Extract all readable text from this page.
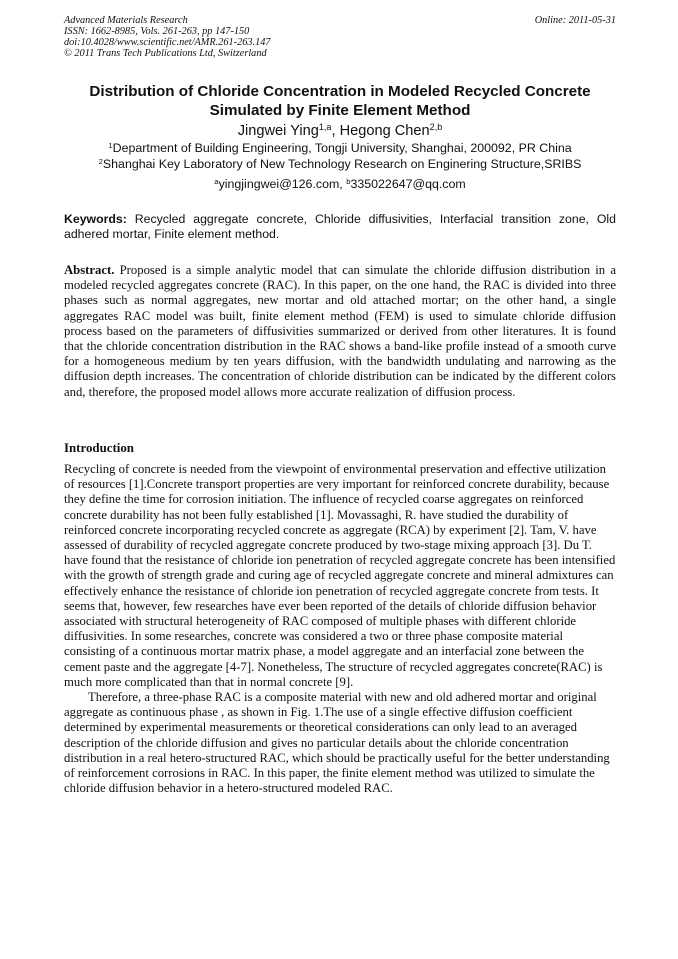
Advanced Materials Research
ISSN: 1662-8985, Vols. 261-263, pp 147-150
doi:10.4028/www.scientific.net/AMR.261-263.147
© 2011 Trans Tech Publications Ltd, Switzerland
Online: 2011-05-31
Distribution of Chloride Concentration in Modeled Recycled Concrete Simulated by Finite Element Method
Jingwei Ying$^{1,a}$, Hegong Chen$^{2,b}$
$^1$Department of Building Engineering, Tongji University, Shanghai, 200092, PR China
$^2$Shanghai Key Laboratory of New Technology Research on Enginering Structure,SRIBS
$^a$yingjingwei@126.com, $^b$335022647@qq.com
Keywords: Recycled aggregate concrete, Chloride diffusivities, Interfacial transition zone, Old adhered mortar, Finite element method.
Abstract. Proposed is a simple analytic model that can simulate the chloride diffusion distribution in a modeled recycled aggregates concrete (RAC). In this paper, on the one hand, the RAC is divided into three phases such as normal aggregates, new mortar and old attached mortar; on the other hand, a single aggregates RAC model was built, finite element method (FEM) is used to simulate chloride diffusion process based on the parameters of diffusivities summarized or derived from other literatures. It is found that the chloride concentration distribution in the RAC shows a band-like profile instead of a smooth curve for a homogeneous medium by ten years diffusion, with the bandwidth undulating and narrowing as the diffusion depth increases. The concentration of chloride distribution can be indicated by the different colors and, therefore, the proposed model allows more accurate realization of diffusion process.
Introduction

Recycling of concrete is needed from the viewpoint of environmental preservation and effective utilization of resources [1].Concrete transport properties are very important for reinforced concrete durability, because they define the time for corrosion initiation. The influence of recycled coarse aggregates on reinforced concrete durability has not been fully established [1]. Movassaghi, R. have studied the durability of reinforced concrete incorporating recycled concrete as aggregate (RCA) by experiment [2]. Tam, V. have assessed of durability of recycled aggregate concrete produced by two-stage mixing approach [3]. Du T. have found that the resistance of chloride ion penetration of recycled aggregate concrete has been intensified with the growth of strength grade and curing age of recycled aggregate concrete and mineral admixtures can effectively enhance the resistance of chloride ion penetration of recycled aggregate concrete from tests. It seems that, however, few researches have ever been reported of the details of chloride diffusion behavior associated with structural heterogeneity of RAC composed of multiple phases with different chloride diffusivities. In some researches, concrete was considered a two or three phase composite material consisting of a continuous mortar matrix phase, a model aggregate and an interfacial zone between the cement paste and the aggregate [4-7]. Nonetheless, The structure of recycled aggregates concrete(RAC) is much more complicated than that in normal concrete [9].

Therefore, a three-phase RAC is a composite material with new and old adhered mortar and original aggregate as continuous phase , as shown in Fig. 1.The use of a single effective diffusion coefficient determined by experimental measurements or theoretical considerations can only lead to an averaged description of the chloride diffusion and gives no particular details about the chloride concentration distribution in a real hetero-structured RAC, which should be practically useful for the better understanding of reinforcement corrosions in RAC. In this paper, the finite element method was utilized to simulate the chloride diffusion behavior in a hetero-structured modeled RAC.
